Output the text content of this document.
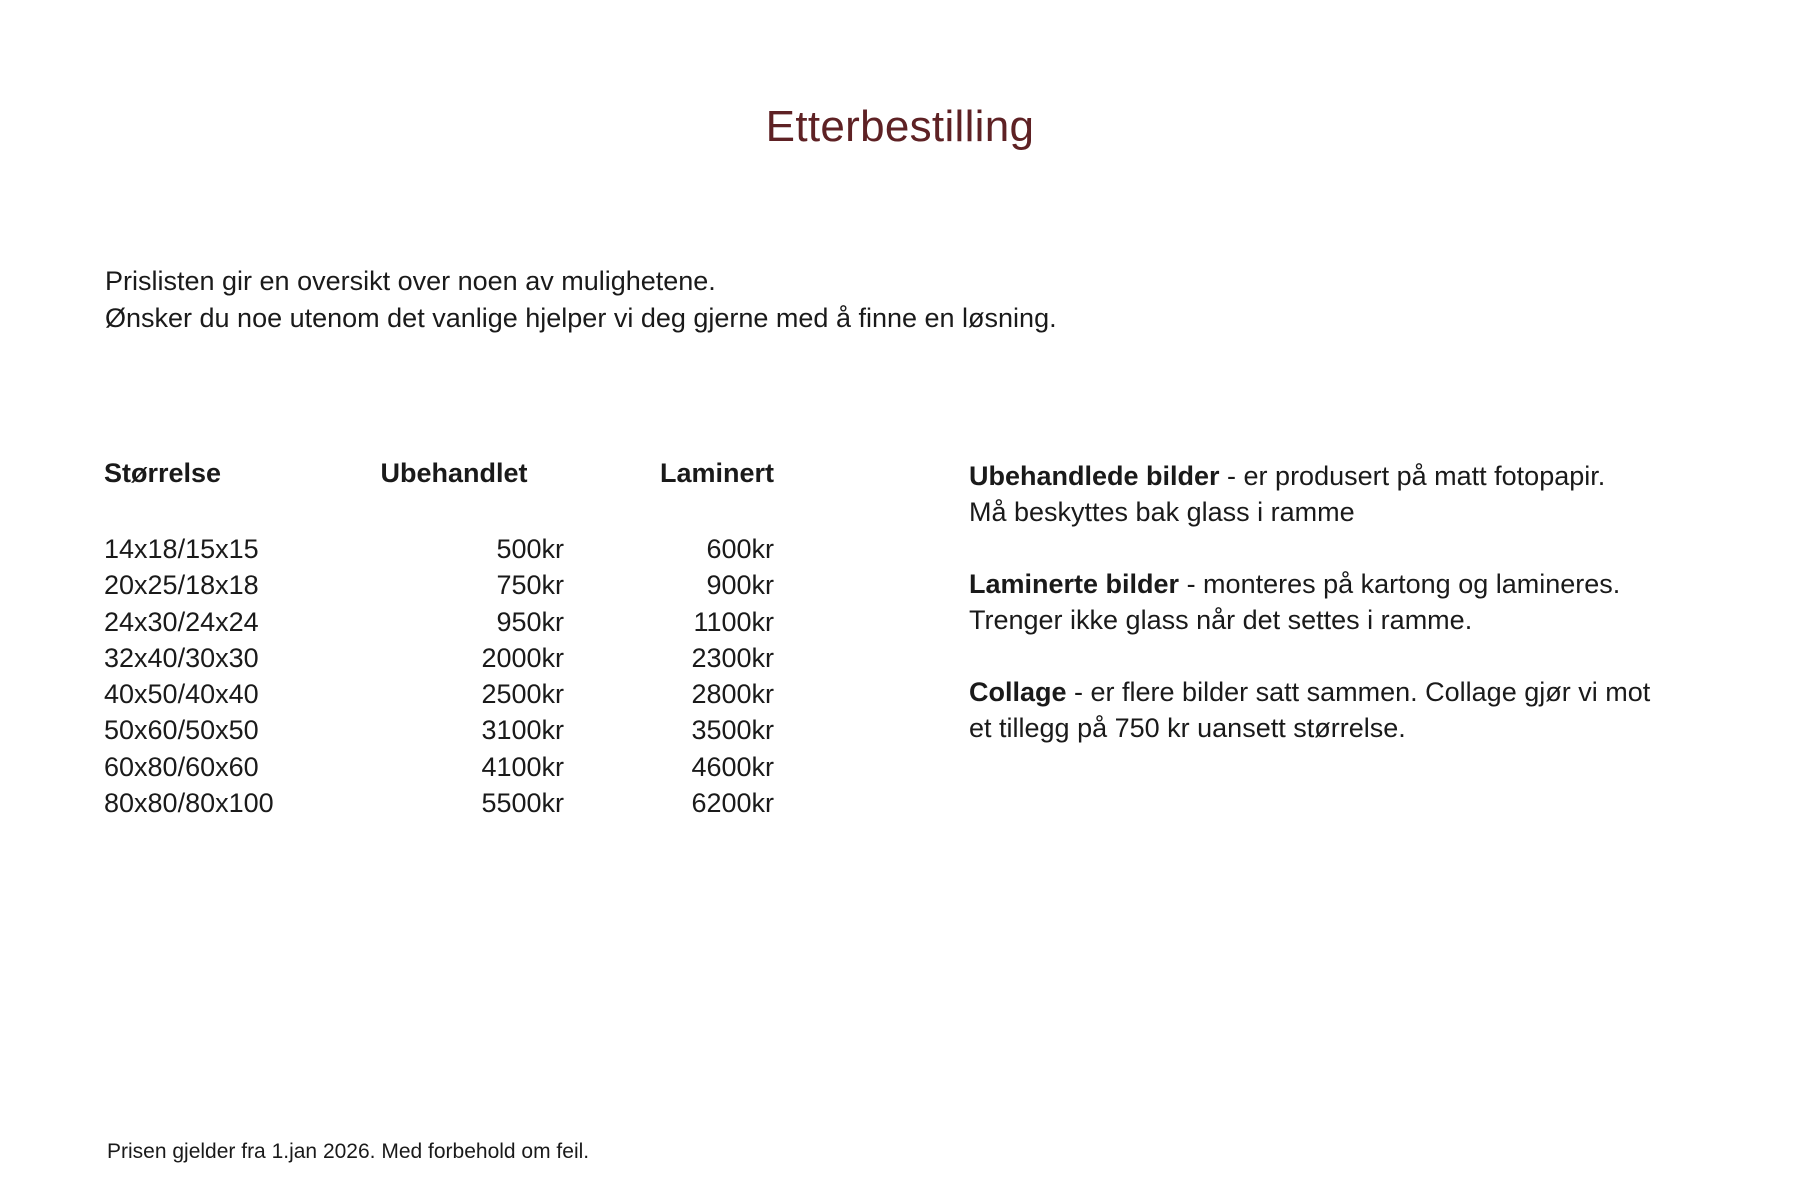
Etterbestilling
Prislisten gir en oversikt over noen av mulighetene.
Ønsker du noe utenom det vanlige hjelper vi deg gjerne med å finne en løsning.
Størrelse	Ubehandlet	Laminert
14x18/15x15	500kr	600kr
20x25/18x18	750kr	900kr
24x30/24x24	950kr	1100kr
32x40/30x30	2000kr	2300kr
40x50/40x40	2500kr	2800kr
50x60/50x50	3100kr	3500kr
60x80/60x60	4100kr	4600kr
80x80/80x100	5500kr	6200kr
Ubehandlede bilder - er produsert på matt fotopapir.
Må beskyttes bak glass i ramme
Laminerte bilder - monteres på kartong og lamineres.
Trenger ikke glass når det settes i ramme.
Collage - er flere bilder satt sammen. Collage gjør vi mot
et tillegg på 750 kr uansett størrelse.
Prisen gjelder fra 1.jan 2026. Med forbehold om feil.
